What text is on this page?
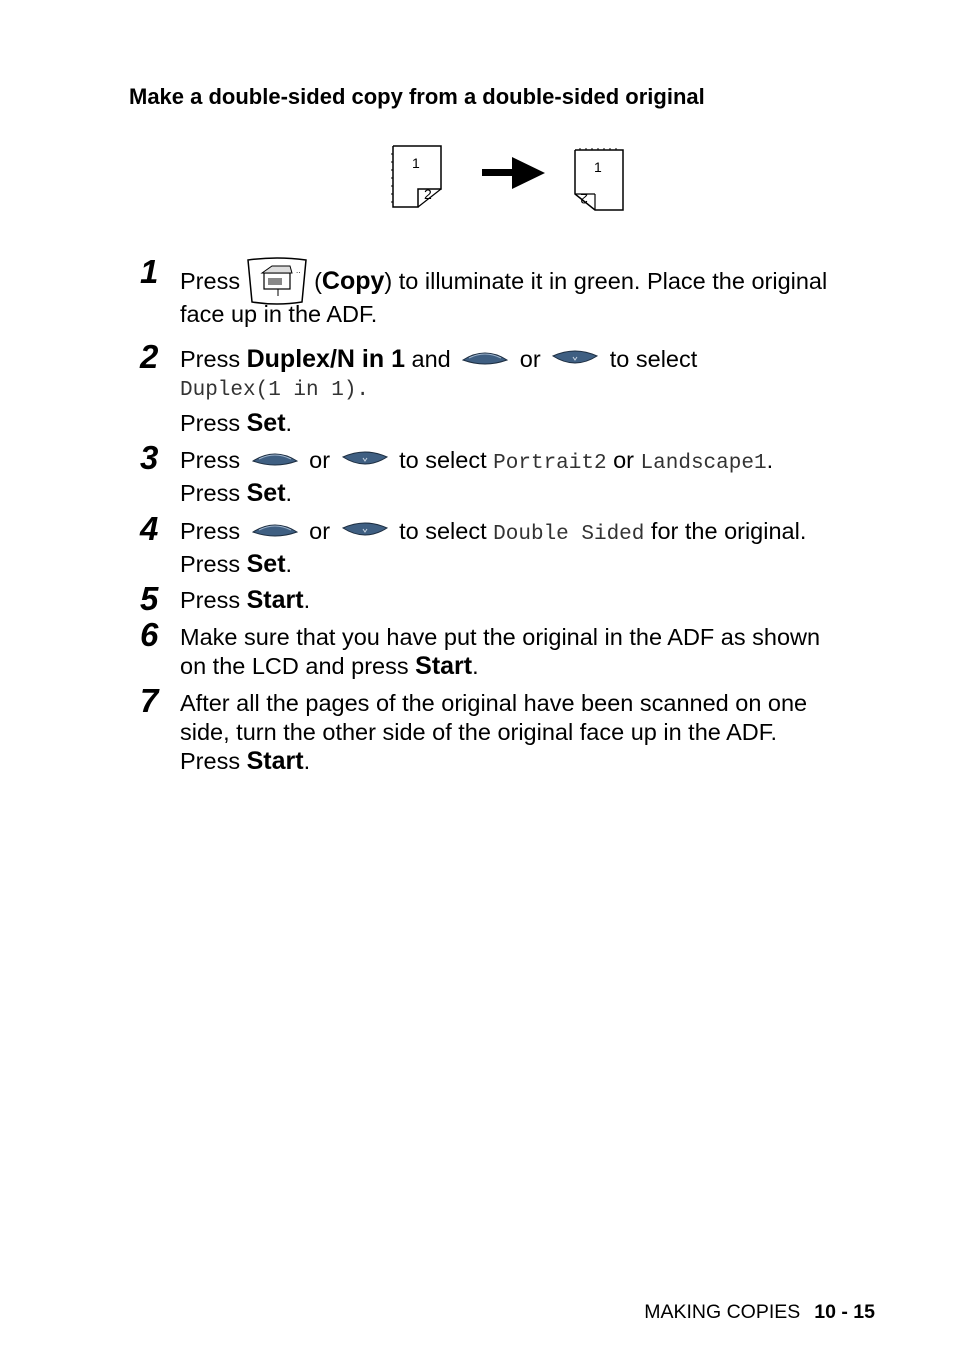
Make a double-sided copy from a double-sided original
1
2
1
2
1 Press	.. (Copy) to illuminate it in green. Place the original
face up in the ADF.
2 Press Duplex/N in 1 and	or	to select
Duplex(1 in 1).
Press Set.
3 Press	or	to select Portrait2 or Landscape1.
Press Set.
4 Press	or	to select Double Sided for the original.
Press Set.
5 Press Start.
6 Make sure that you have put the original in the ADF as shown
on the LCD and press Start.
7 After all the pages of the original have been scanned on one
side, turn the other side of the original face up in the ADF.
Press Start.
MAKING COPIES 10 - 15
